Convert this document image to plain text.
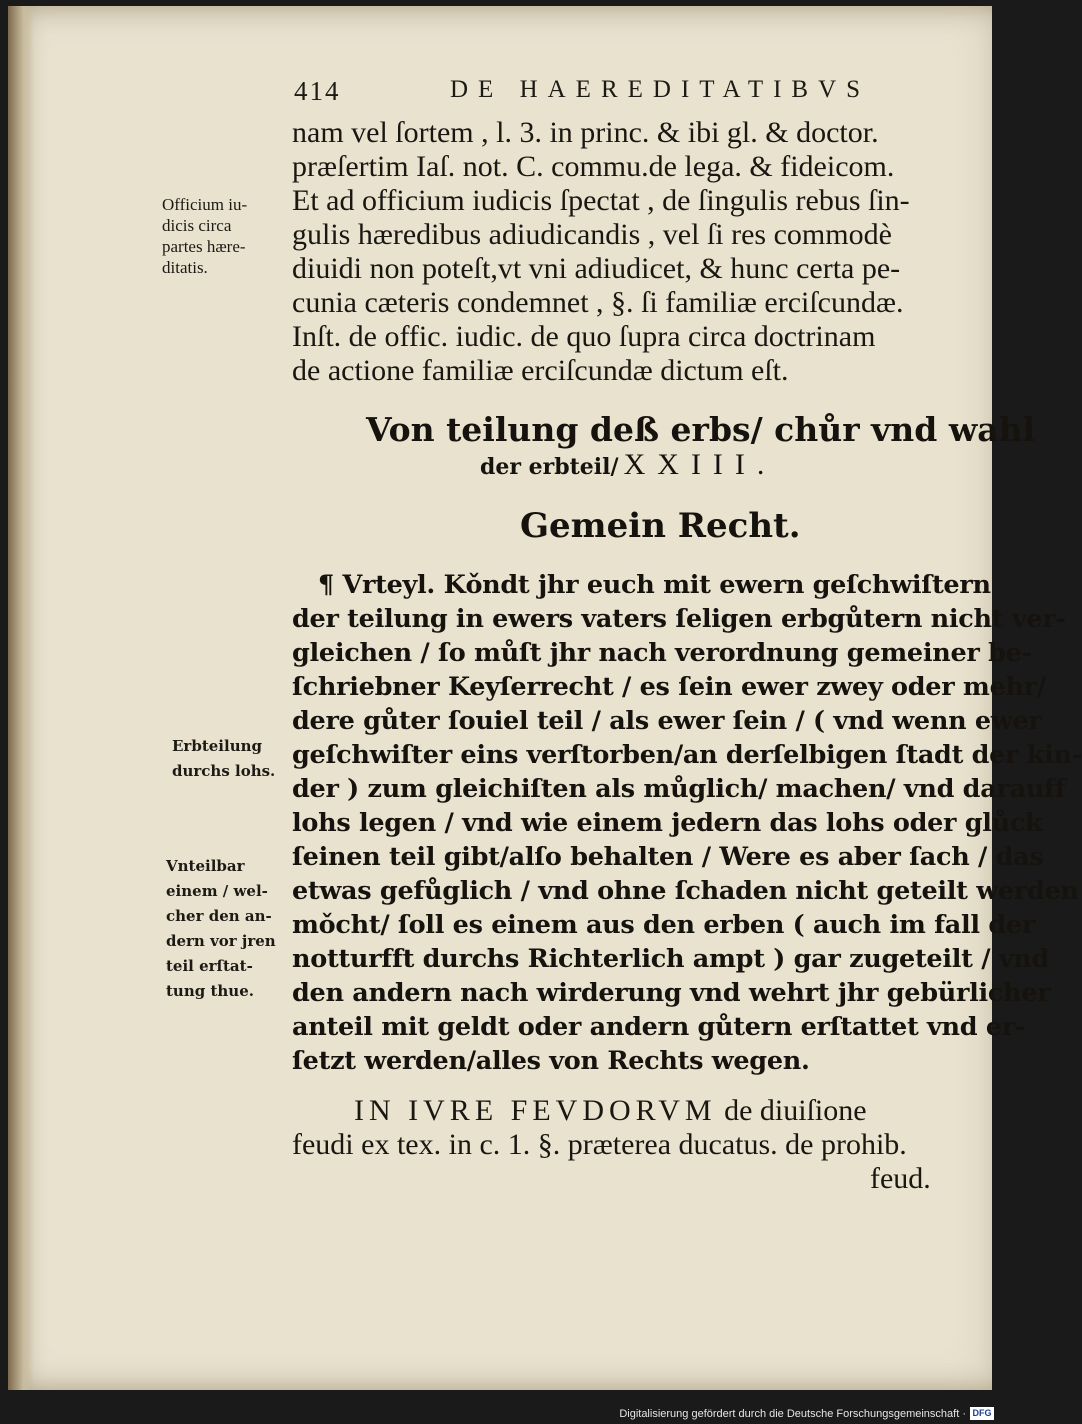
414	DE HAEREDITATIBVS
nam vel ſortem , l. 3. in princ. & ibi gl. & doctor.
præſertim Iaſ. not. C. commu.de lega. & fideicom.
Et ad officium iudicis ſpectat , de ſingulis rebus ſin-
gulis hæredibus adiudicandis , vel ſi res commodè
diuidi non poteſt,vt vni adiudicet, & hunc certa pe-
cunia cæteris condemnet , §. ſi familiæ erciſcundæ.
Inſt. de offic. iudic. de quo ſupra circa doctrinam
de actione familiæ erciſcundæ dictum eſt.
Officium iu-
dicis circa
partes hære-
ditatis.
Von teilung deß erbs/ chůr vnd wahl
der erbteil/ XXIII.
Gemein Recht.
¶ Vrteyl. Kǒndt jhr euch mit ewern geſchwiſtern
der teilung in ewers vaters ſeligen erbgůtern nicht ver-
gleichen / ſo můſt jhr nach verordnung gemeiner be-
ſchriebner Keyſerrecht / es ſein ewer zwey oder mehr/
dere gůter ſouiel teil / als ewer ſein / ( vnd wenn ewer
geſchwiſter eins verſtorben/an derſelbigen ſtadt der kin-
der ) zum gleichiſten als můglich/ machen/ vnd darauff
lohs legen / vnd wie einem jedern das lohs oder glůck
ſeinen teil gibt/alſo behalten / Were es aber ſach / das
etwas gefůglich / vnd ohne ſchaden nicht geteilt werden
mǒcht/ ſoll es einem aus den erben ( auch im fall der
notturfft durchs Richterlich ampt ) gar zugeteilt / vnd
den andern nach wirderung vnd wehrt jhr gebürlicher
anteil mit geldt oder andern gůtern erſtattet vnd er-
ſetzt werden/alles von Rechts wegen.
Erbteilung
durchs lohs.
Vnteilbar
einem / wel-
cher den an-
dern vor jren
teil erſtat-
tung thue.
IN IVRE FEVDORVM de diuiſione
feudi ex tex. in c. 1. §. præterea ducatus. de prohib.
feud.
Digitalisierung gefördert durch die Deutsche Forschungsgemeinschaft · DFG
